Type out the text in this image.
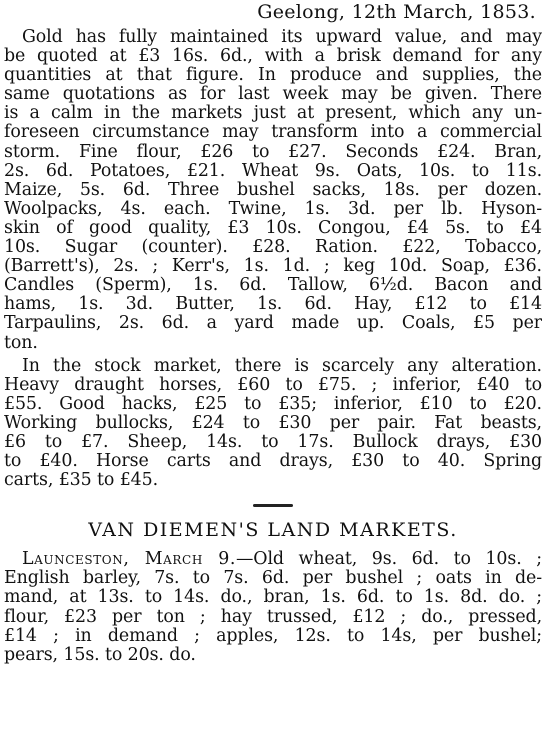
Geelong, 12th March, 1853.
Gold has fully maintained its upward value, and may
be quoted at £3 16s. 6d., with a brisk demand for any
quantities at that figure. In produce and supplies, the
same quotations as for last week may be given. There
is a calm in the markets just at present, which any un-
foreseen circumstance may transform into a commercial
storm. Fine flour, £26 to £27. Seconds £24. Bran,
2s. 6d. Potatoes, £21. Wheat 9s. Oats, 10s. to 11s.
Maize, 5s. 6d. Three bushel sacks, 18s. per dozen.
Woolpacks, 4s. each. Twine, 1s. 3d. per lb. Hyson-
skin of good quality, £3 10s. Congou, £4 5s. to £4
10s. Sugar (counter). £28. Ration. £22, Tobacco,
(Barrett's), 2s. ; Kerr's, 1s. 1d. ; keg 10d. Soap, £36.
Candles (Sperm), 1s. 6d. Tallow, 6½d. Bacon and
hams, 1s. 3d. Butter, 1s. 6d. Hay, £12 to £14
Tarpaulins, 2s. 6d. a yard made up. Coals, £5 per
ton.
In the stock market, there is scarcely any alteration.
Heavy draught horses, £60 to £75. ; inferior, £40 to
£55. Good hacks, £25 to £35; inferior, £10 to £20.
Working bullocks, £24 to £30 per pair. Fat beasts,
£6 to £7. Sheep, 14s. to 17s. Bullock drays, £30
to £40. Horse carts and drays, £30 to 40. Spring
carts, £35 to £45.
VAN DIEMEN'S LAND MARKETS.
Launceston, March 9.—Old wheat, 9s. 6d. to 10s. ;
English barley, 7s. to 7s. 6d. per bushel ; oats in de-
mand, at 13s. to 14s. do., bran, 1s. 6d. to 1s. 8d. do. ;
flour, £23 per ton ; hay trussed, £12 ; do., pressed,
£14 ; in demand ; apples, 12s. to 14s, per bushel;
pears, 15s. to 20s. do.
